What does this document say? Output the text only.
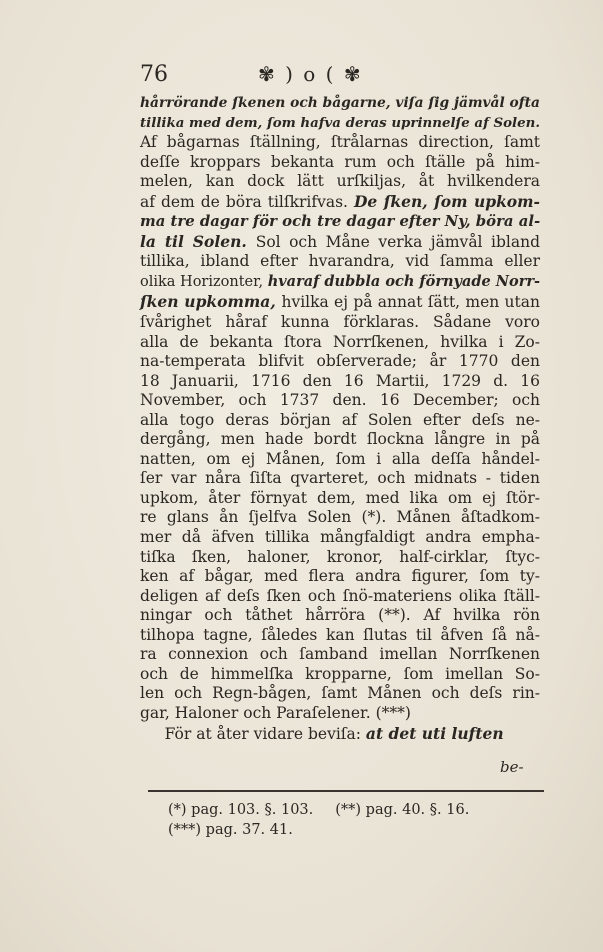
76	✾ ) o ( ✾
hårrörande ſkenen och bågarne, viſa ſig jämvål ofta
tillika med dem, ſom hafva deras uprinnelſe af Solen.
Af bågarnas ſtällning, ſtrålarnas direction, ſamt
deſſe kroppars bekanta rum och ſtälle på him-
melen, kan dock lätt urſkiljas, åt hvilkendera
af dem de böra tilſkrifvas. De ſken, ſom upkom-
ma tre dagar för och tre dagar efter Ny, böra al-
la til Solen. Sol och Måne verka jämvål ibland
tillika, ibland efter hvarandra, vid ſamma eller
olika Horizonter, hvaraf dubbla och förnyade Norr-
ſken upkomma, hvilka ej på annat ſätt, men utan
ſvårighet håraf kunna förklaras. Sådane voro
alla de bekanta ſtora Norrſkenen, hvilka i Zo-
na-temperata blifvit obſerverade; år 1770 den
18 Januarii, 1716 den 16 Martii, 1729 d. 16
November, och 1737 den. 16 December; och
alla togo deras början af Solen efter deſs ne-
dergång, men hade bordt ſlockna långre in på
natten, om ej Månen, ſom i alla deſſa håndel-
ſer var nåra ſiſta qvarteret, och midnats - tiden
upkom, åter förnyat dem, med lika om ej ſtör-
re glans ån ſjelfva Solen (*). Månen åſtadkom-
mer då äfven tillika mångfaldigt andra empha-
tiſka ſken, haloner, kronor, half-cirklar, ſtyc-
ken af bågar, med flera andra figurer, ſom ty-
deligen af deſs ſken och ſnö-materiens olika ſtäll-
ningar och tåthet hårröra (**). Af hvilka rön
tilhopa tagne, ſåledes kan ſlutas til åfven ſå nå-
ra connexion och ſamband imellan Norrſkenen
och de himmelſka kropparne, ſom imellan So-
len och Regn-bågen, ſamt Månen och deſs rin-
gar, Haloner och Paraſelener. (***)
För at åter vidare beviſa: at det uti luften
be-
(*) pag. 103. §. 103. (**) pag. 40. §. 16.
(***) pag. 37. 41.
